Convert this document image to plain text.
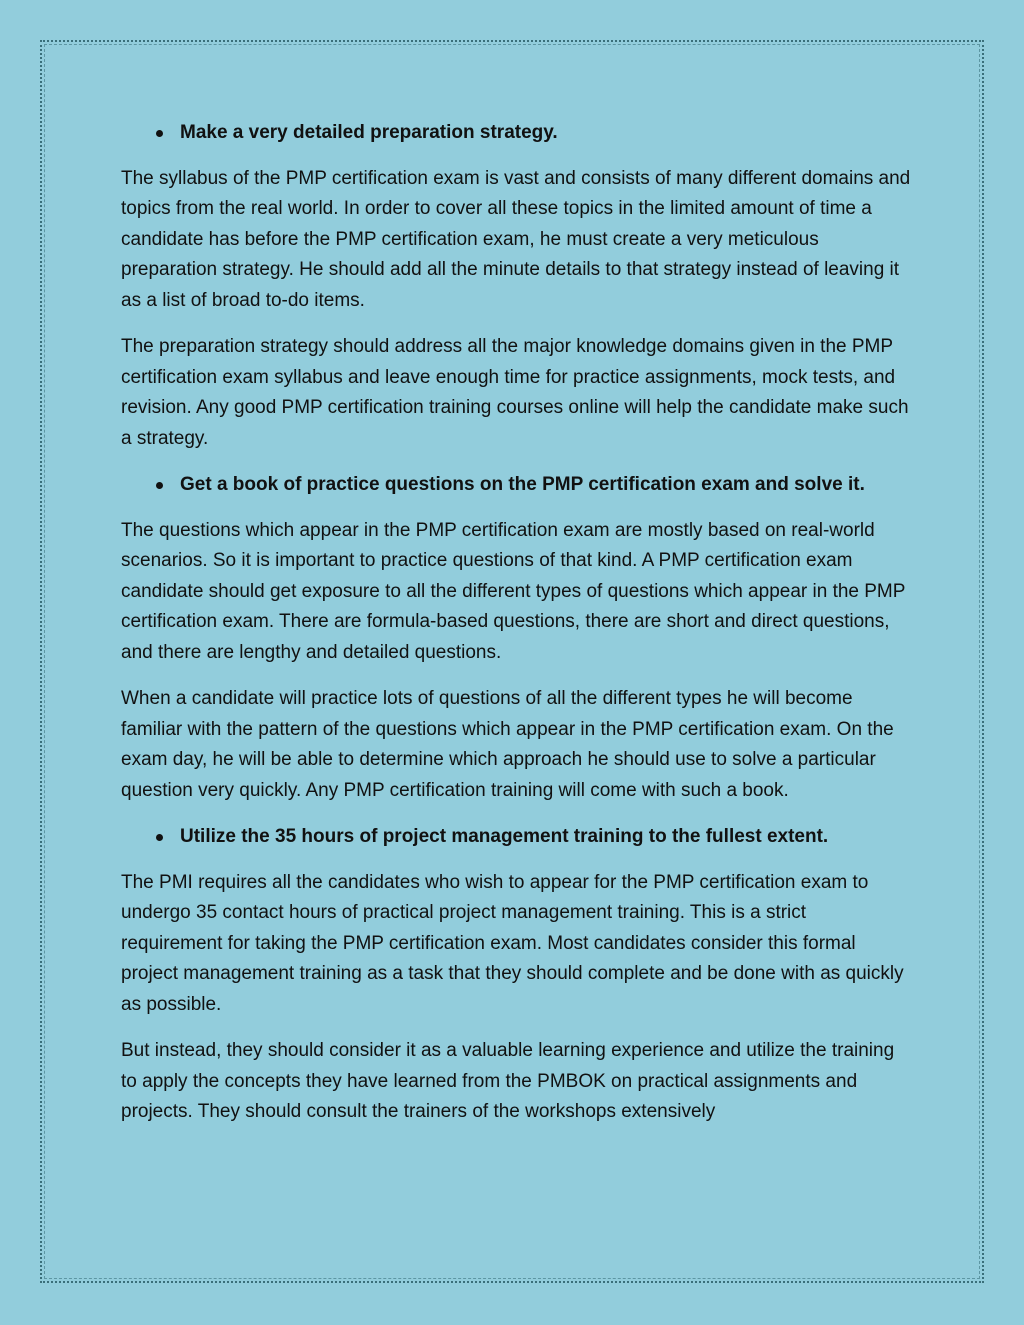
Make a very detailed preparation strategy.

The syllabus of the PMP certification exam is vast and consists of many different domains and topics from the real world. In order to cover all these topics in the limited amount of time a candidate has before the PMP certification exam, he must create a very meticulous preparation strategy. He should add all the minute details to that strategy instead of leaving it as a list of broad to-do items.

The preparation strategy should address all the major knowledge domains given in the PMP certification exam syllabus and leave enough time for practice assignments, mock tests, and revision. Any good PMP certification training courses online will help the candidate make such a strategy.

Get a book of practice questions on the PMP certification exam and solve it.

The questions which appear in the PMP certification exam are mostly based on real-world scenarios. So it is important to practice questions of that kind. A PMP certification exam candidate should get exposure to all the different types of questions which appear in the PMP certification exam. There are formula-based questions, there are short and direct questions, and there are lengthy and detailed questions.

When a candidate will practice lots of questions of all the different types he will become familiar with the pattern of the questions which appear in the PMP certification exam. On the exam day, he will be able to determine which approach he should use to solve a particular question very quickly. Any PMP certification training will come with such a book.

Utilize the 35 hours of project management training to the fullest extent.

The PMI requires all the candidates who wish to appear for the PMP certification exam to undergo 35 contact hours of practical project management training. This is a strict requirement for taking the PMP certification exam. Most candidates consider this formal project management training as a task that they should complete and be done with as quickly as possible.

But instead, they should consider it as a valuable learning experience and utilize the training to apply the concepts they have learned from the PMBOK on practical assignments and projects. They should consult the trainers of the workshops extensively
